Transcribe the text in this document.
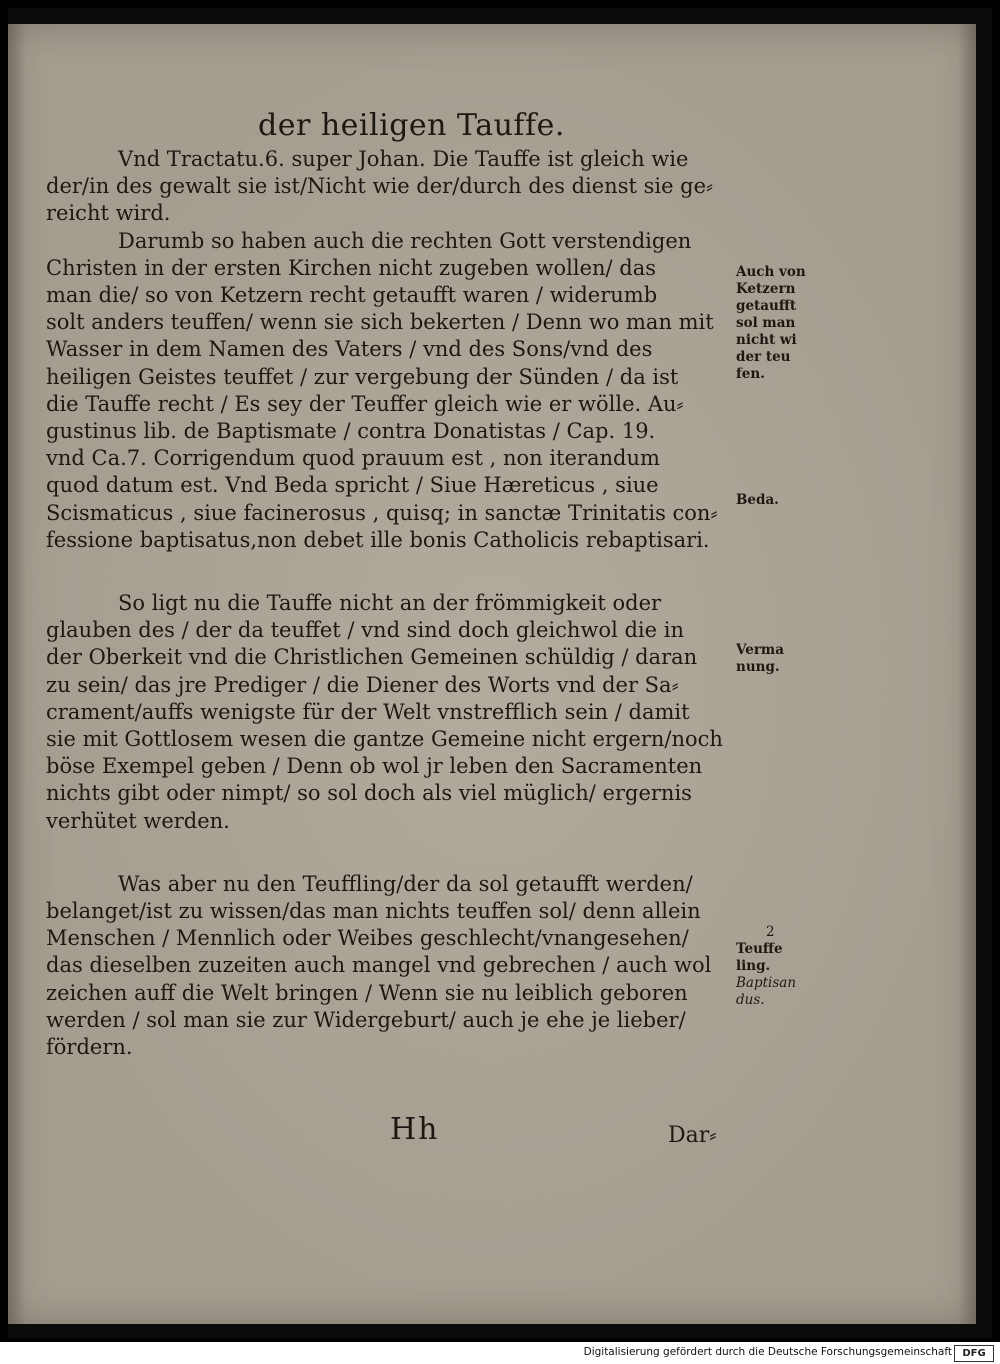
der heiligen Tauffe.

Vnd Tractatu.6. super Johan. Die Tauffe ist gleich wie
der/in des gewalt sie ist/Nicht wie der/durch des dienst sie ge⸗
reicht wird.

Darumb so haben auch die rechten Gott verstendigen
Christen in der ersten Kirchen nicht zugeben wollen/ das
man die/ so von Ketzern recht getaufft waren / widerumb
solt anders teuffen/ wenn sie sich bekerten / Denn wo man mit
Wasser in dem Namen des Vaters / vnd des Sons/vnd des
heiligen Geistes teuffet / zur vergebung der Sünden / da ist
die Tauffe recht / Es sey der Teuffer gleich wie er wölle. Au⸗
gustinus lib. de Baptismate / contra Donatistas / Cap. 19.
vnd Ca.7. Corrigendum quod prauum est , non iterandum
quod datum est. Vnd Beda spricht / Siue Hæreticus , siue
Scismaticus , siue facinerosus , quisq; in sanctæ Trinitatis con⸗
fessione baptisatus,non debet ille bonis Catholicis rebaptisari.

So ligt nu die Tauffe nicht an der frömmigkeit oder
glauben des / der da teuffet / vnd sind doch gleichwol die in
der Oberkeit vnd die Christlichen Gemeinen schüldig / daran
zu sein/ das jre Prediger / die Diener des Worts vnd der Sa⸗
crament/auffs wenigste für der Welt vnstrefflich sein / damit
sie mit Gottlosem wesen die gantze Gemeine nicht ergern/noch
böse Exempel geben / Denn ob wol jr leben den Sacramenten
nichts gibt oder nimpt/ so sol doch als viel müglich/ ergernis
verhütet werden.

Was aber nu den Teuffling/der da sol getaufft werden/
belanget/ist zu wissen/das man nichts teuffen sol/ denn allein
Menschen / Mennlich oder Weibes geschlecht/vnangesehen/
das dieselben zuzeiten auch mangel vnd gebrechen / auch wol
zeichen auff die Welt bringen / Wenn sie nu leiblich geboren
werden / sol man sie zur Widergeburt/ auch je ehe je lieber/
fördern.

Auch von
Ketzern
getaufft
sol man
nicht wi
der teu
fen.
Beda.
Verma
nung.
2
Teuffe
ling.
Baptisan
dus.
Hh	Dar⸗
Digitalisierung gefördert durch die Deutsche Forschungsgemeinschaft	DFG
